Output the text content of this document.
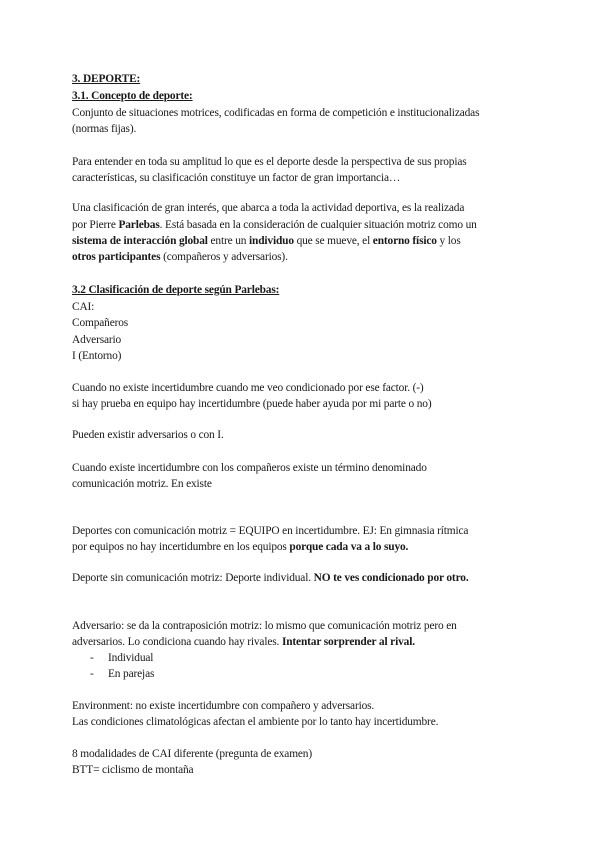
3. DEPORTE:
3.1. Concepto de deporte:
Conjunto de situaciones motrices, codificadas en forma de competición e institucionalizadas
(normas fijas).
Para entender en toda su amplitud lo que es el deporte desde la perspectiva de sus propias
características, su clasificación constituye un factor de gran importancia…
Una clasificación de gran interés, que abarca a toda la actividad deportiva, es la realizada
por Pierre Parlebas. Está basada en la consideración de cualquier situación motriz como un
sistema de interacción global entre un individuo que se mueve, el entorno físico y los
otros participantes (compañeros y adversarios).
3.2 Clasificación de deporte según Parlebas:
CAI:
Compañeros
Adversario
I (Entorno)
Cuando no existe incertidumbre cuando me veo condicionado por ese factor. (-)
si hay prueba en equipo hay incertidumbre (puede haber ayuda por mi parte o no)
Pueden existir adversarios o con I.
Cuando existe incertidumbre con los compañeros existe un término denominado
comunicación motriz. En existe
Deportes con comunicación motriz = EQUIPO en incertidumbre. EJ: En gimnasia rítmica
por equipos no hay incertidumbre en los equipos porque cada va a lo suyo.
Deporte sin comunicación motriz: Deporte individual. NO te ves condicionado por otro.
Adversario: se da la contraposición motriz: lo mismo que comunicación motriz pero en
adversarios. Lo condiciona cuando hay rivales. Intentar sorprender al rival.
- Individual
- En parejas
Environment: no existe incertidumbre con compañero y adversarios.
Las condiciones climatológicas afectan el ambiente por lo tanto hay incertidumbre.
8 modalidades de CAI diferente (pregunta de examen)
BTT= ciclismo de montaña
